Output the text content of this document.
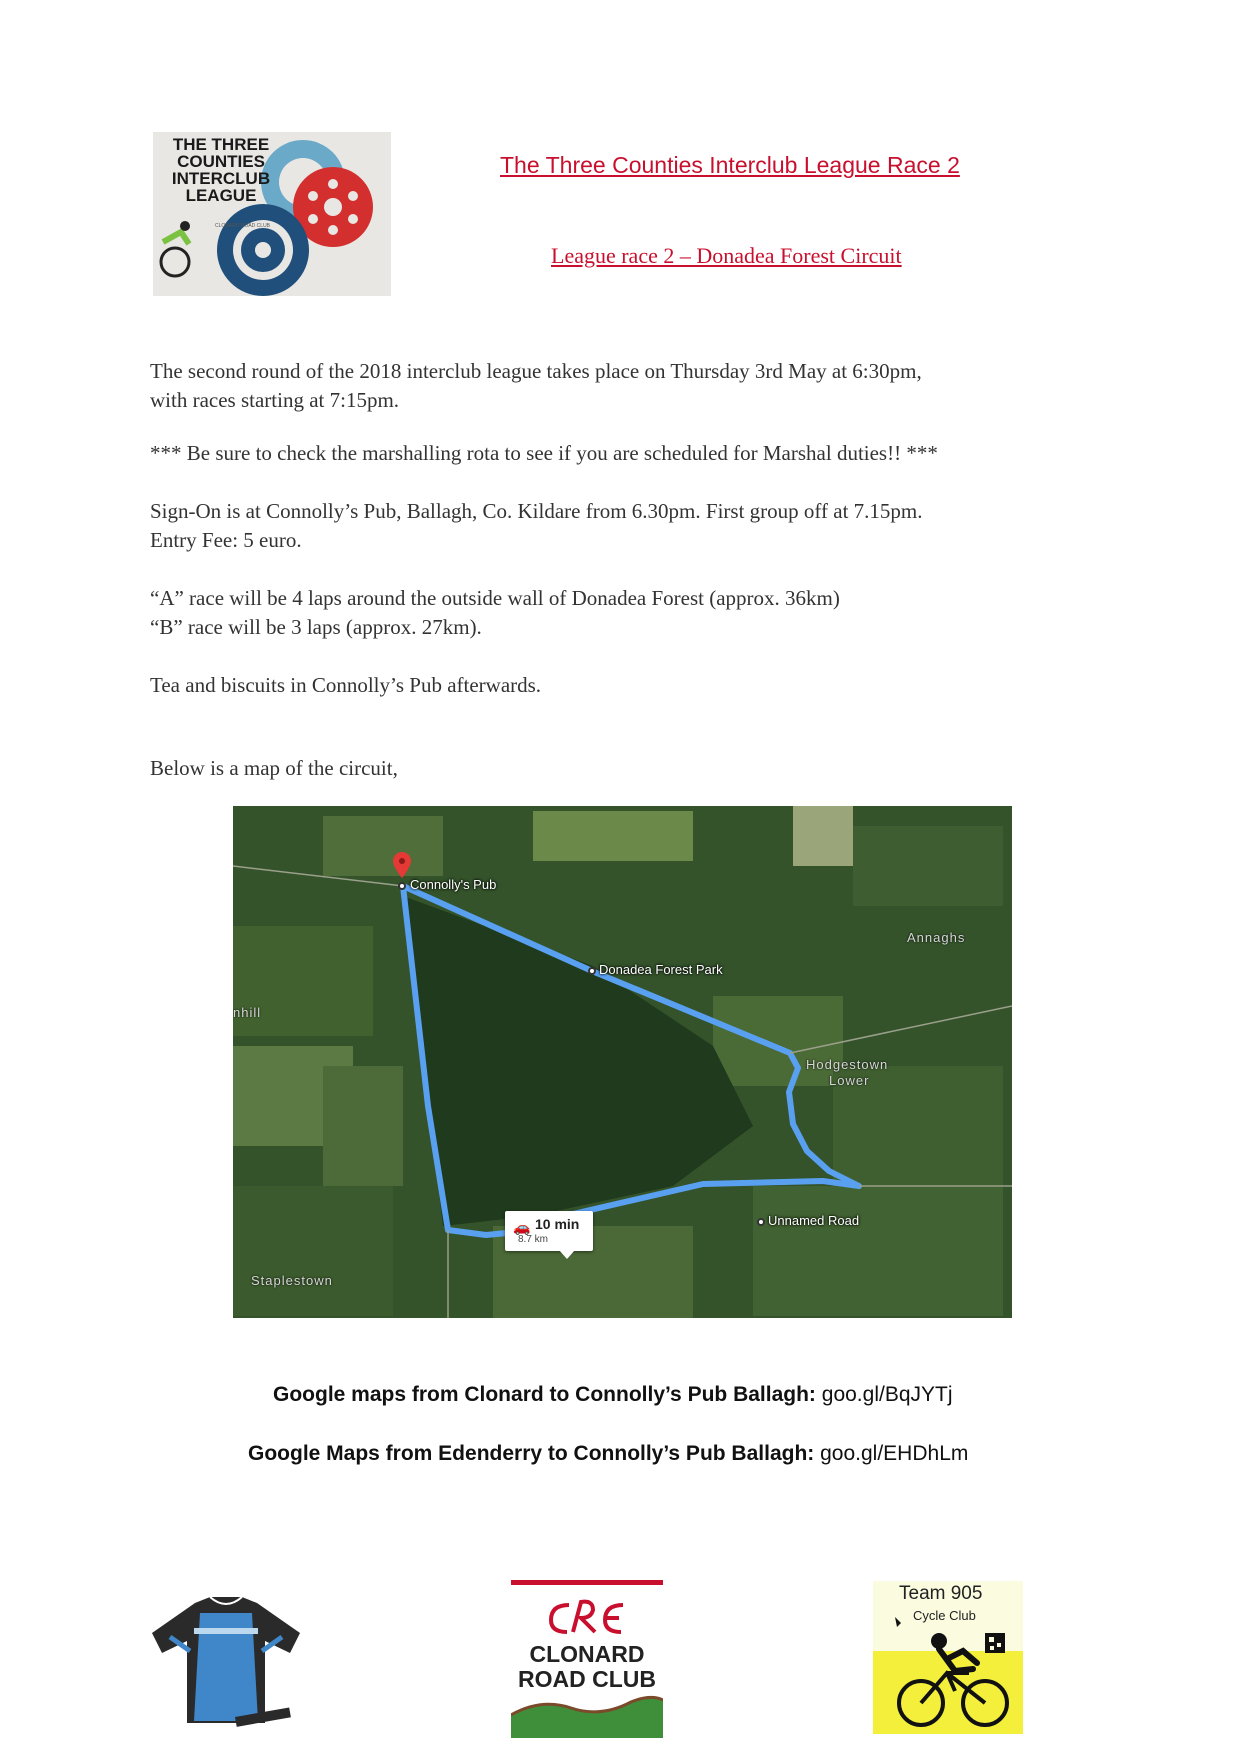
THE THREE COUNTIES INTERCLUB LEAGUE
CLONARD ROAD CLUB
The Three Counties Interclub League Race 2
League race 2 – Donadea Forest Circuit
The second round of the 2018 interclub league takes place on Thursday 3rd May at 6:30pm,
with races starting at 7:15pm.
*** Be sure to check the marshalling rota to see if you are scheduled for Marshal duties!! ***
Sign-On is at Connolly’s Pub, Ballagh, Co. Kildare from 6.30pm. First group off at 7.15pm.
Entry Fee: 5 euro.
“A” race will be 4 laps around the outside wall of Donadea Forest (approx. 36km)
“B” race will be 3 laps (approx. 27km).
Tea and biscuits in Connolly’s Pub afterwards.
Below is a map of the circuit,
Connolly's Pub
Donadea Forest Park
Unnamed Road
Annaghs
Hodgestown
Lower
nhill
Staplestown
🚗 10 min
8.7 km
Google maps from Clonard to Connolly’s Pub Ballagh: goo.gl/BqJYTj
Google Maps from Edenderry to Connolly’s Pub Ballagh: goo.gl/EHDhLm
CLONARD
ROAD CLUB
Team 905
Cycle Club
